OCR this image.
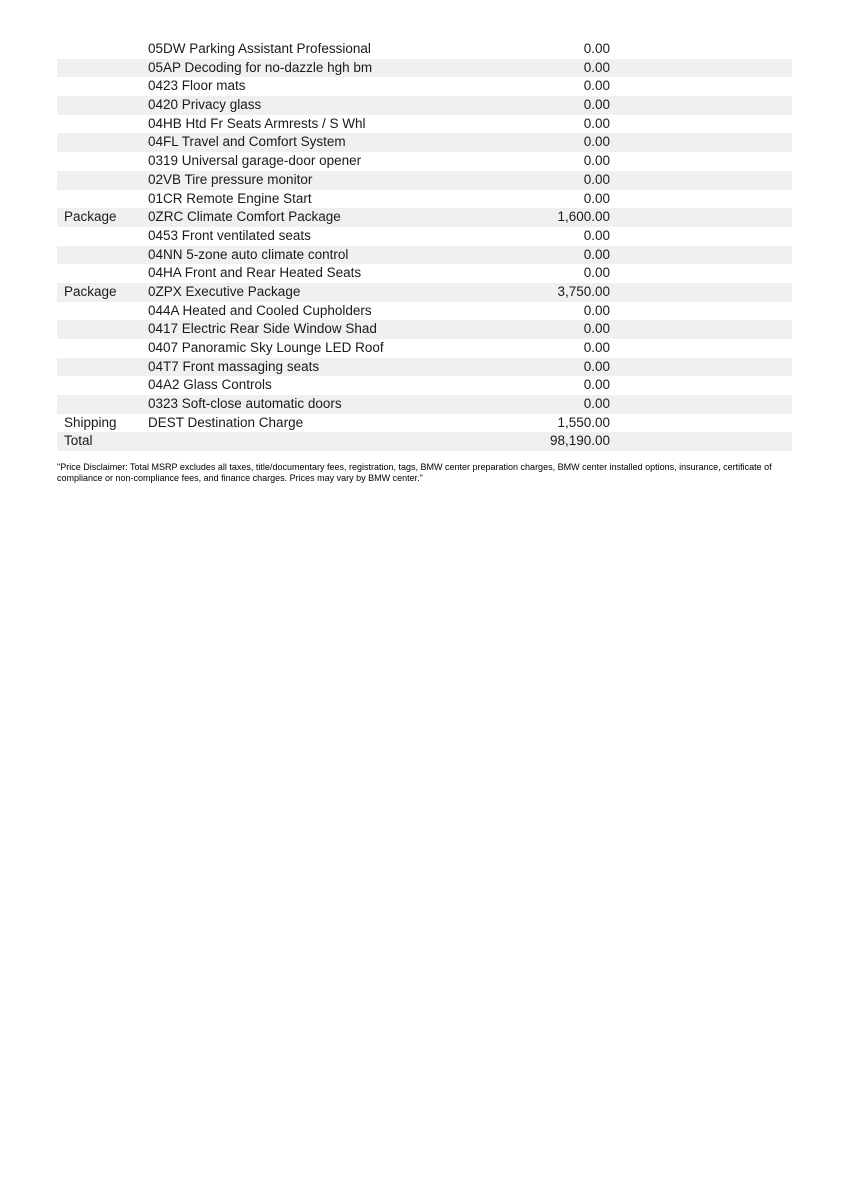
05DW Parking Assistant Professional	0.00
05AP Decoding for no-dazzle hgh bm	0.00
0423 Floor mats	0.00
0420 Privacy glass	0.00
04HB Htd Fr Seats Armrests / S Whl	0.00
04FL Travel and Comfort System	0.00
0319 Universal garage-door opener	0.00
02VB Tire pressure monitor	0.00
01CR Remote Engine Start	0.00
Package	0ZRC Climate Comfort Package	1,600.00
0453 Front ventilated seats	0.00
04NN 5-zone auto climate control	0.00
04HA Front and Rear Heated Seats	0.00
Package	0ZPX Executive Package	3,750.00
044A Heated and Cooled Cupholders	0.00
0417 Electric Rear Side Window Shad	0.00
0407 Panoramic Sky Lounge LED Roof	0.00
04T7 Front massaging seats	0.00
04A2 Glass Controls	0.00
0323 Soft-close automatic doors	0.00
Shipping	DEST Destination Charge	1,550.00
Total	98,190.00
"Price Disclaimer: Total MSRP excludes all taxes, title/documentary fees, registration, tags, BMW center preparation charges, BMW center installed options, insurance, certificate of compliance or non-compliance fees, and finance charges. Prices may vary by BMW center."
